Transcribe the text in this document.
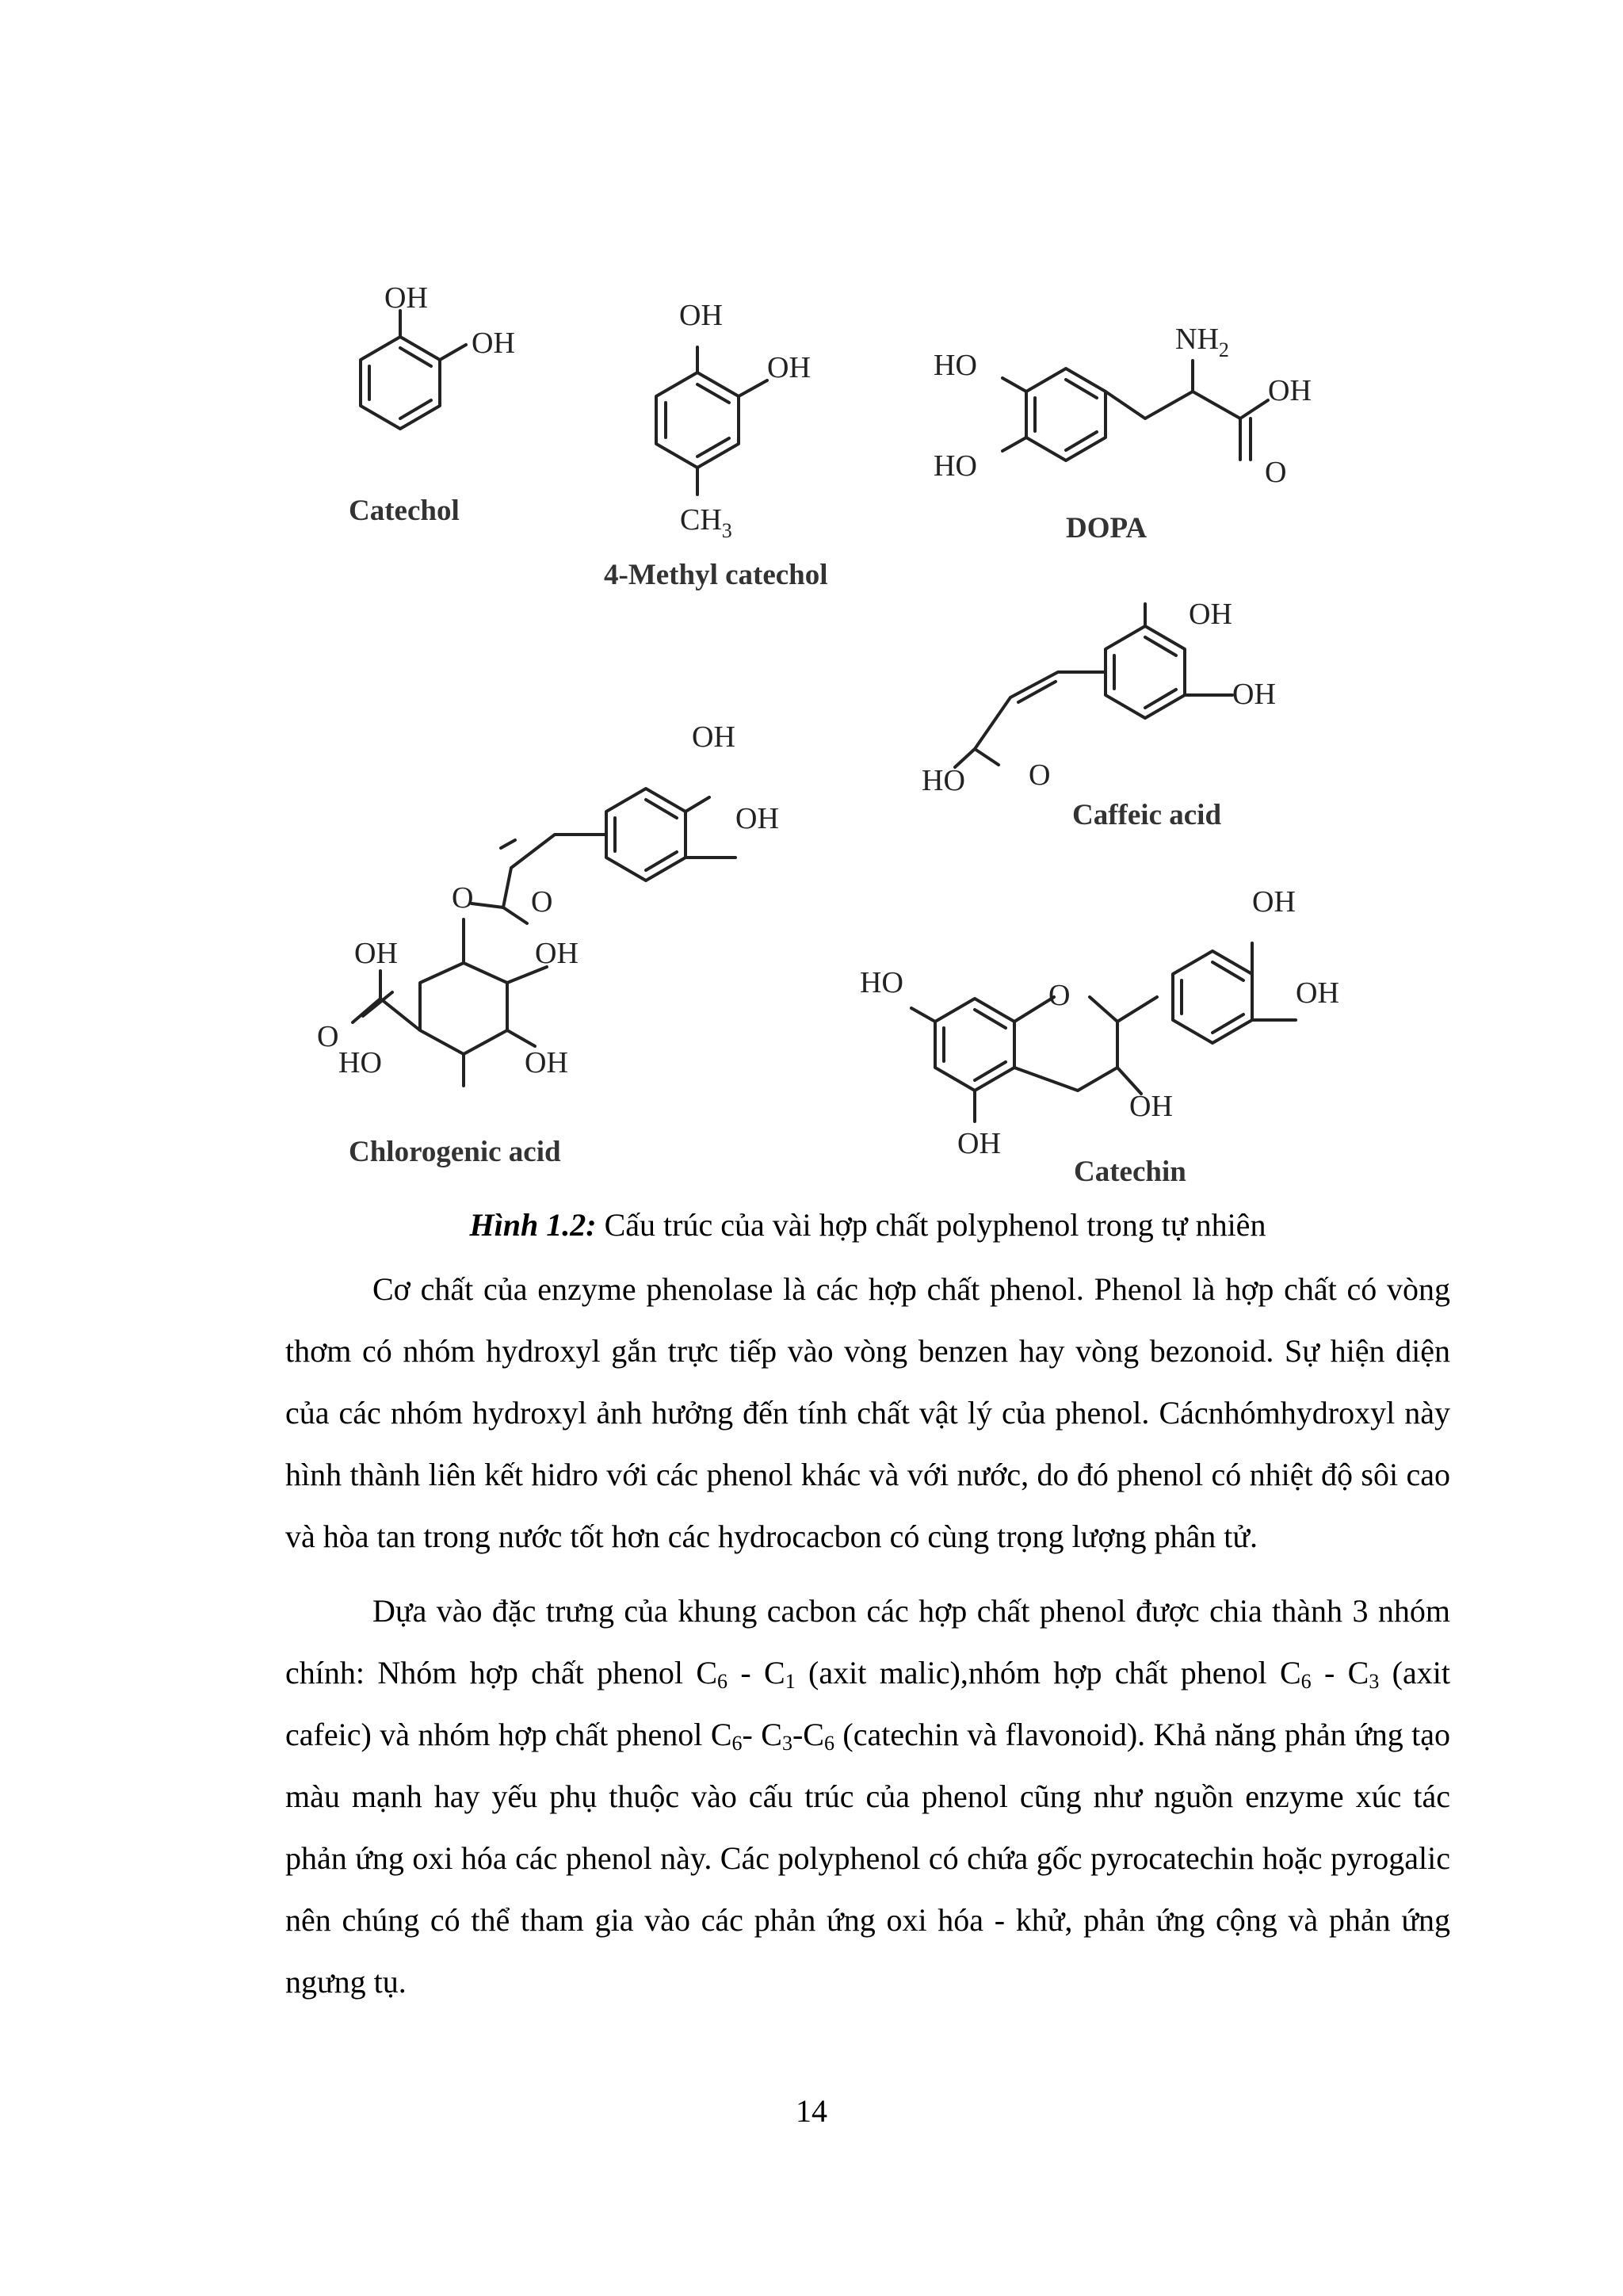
OH
OH
Catechol
OH
OH
$CH_3$
4-Methyl catechol
HO
HO
$NH_2$
OH
O
DOPA
OH
OH
HO O
Caffeic acid
OH
OH
O O
OH	OH
O
HO	OH
Chlorogenic acid
OH
OH
HO	O
OH
OH
Catechin
Hình 1.2: Cấu trúc của vài hợp chất polyphenol trong tự nhiên

Cơ chất của enzyme phenolase là các hợp chất phenol. Phenol là hợp chất có vòng thơm có nhóm hydroxyl gắn trực tiếp vào vòng benzen hay vòng bezonoid. Sự hiện diện của các nhóm hydroxyl ảnh hưởng đến tính chất vật lý của phenol. Cácnhómhydroxyl này hình thành liên kết hidro với các phenol khác và với nước, do đó phenol có nhiệt độ sôi cao và hòa tan trong nước tốt hơn các hydrocacbon có cùng trọng lượng phân tử.

Dựa vào đặc trưng của khung cacbon các hợp chất phenol được chia thành 3 nhóm chính: Nhóm hợp chất phenol $C_6 - C_1$ (axit malic),nhóm hợp chất phenol $C_6 - C_3$ (axit cafeic) và nhóm hợp chất phenol $C_6-$ $C_3-C_6$ (catechin và flavonoid). Khả năng phản ứng tạo màu mạnh hay yếu phụ thuộc vào cấu trúc của phenol cũng như nguồn enzyme xúc tác phản ứng oxi hóa các phenol này. Các polyphenol có chứa gốc pyrocatechin hoặc pyrogalic nên chúng có thể tham gia vào các phản ứng oxi hóa - khử, phản ứng cộng và phản ứng ngưng tụ.

14
